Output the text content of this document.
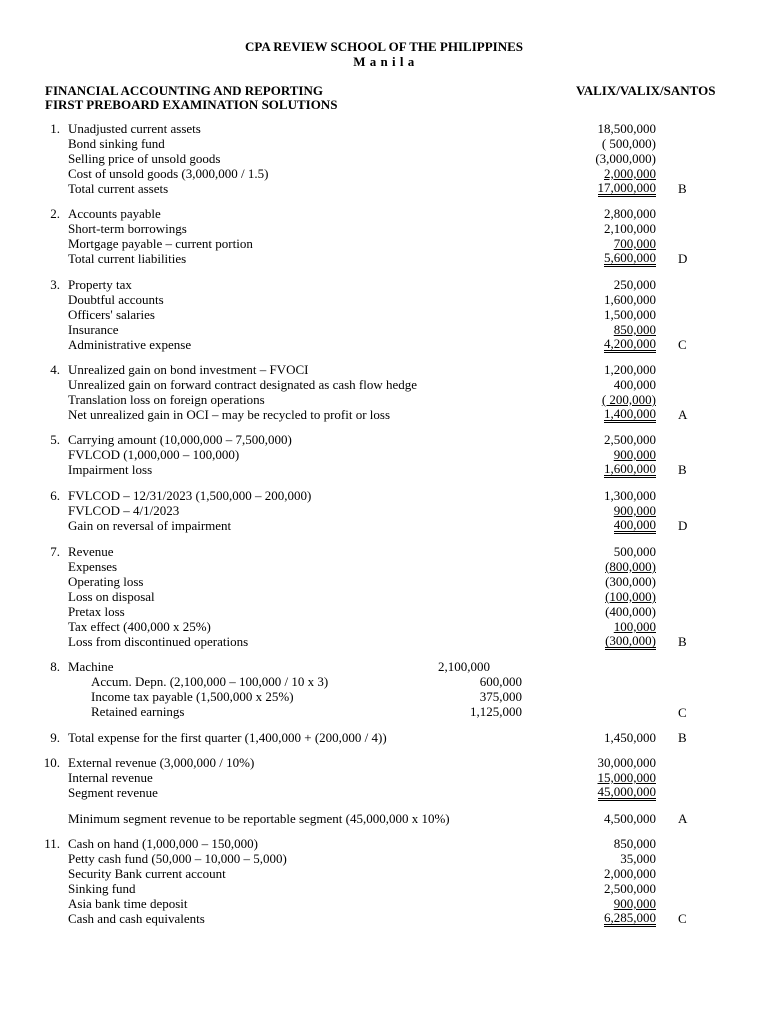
CPA REVIEW SCHOOL OF THE PHILIPPINES
M a n i l a
FINANCIAL ACCOUNTING AND REPORTING
FIRST PREBOARD EXAMINATION SOLUTIONS
VALIX/VALIX/SANTOS
1. Unadjusted current assets	18,500,000
Bond sinking fund	( 500,000)
Selling price of unsold goods	(3,000,000)
Cost of unsold goods (3,000,000 / 1.5)	2,000,000
Total current assets	17,000,000 B
2. Accounts payable	2,800,000
Short-term borrowings	2,100,000
Mortgage payable – current portion	700,000
Total current liabilities	5,600,000 D
3. Property tax	250,000
Doubtful accounts	1,600,000
Officers' salaries	1,500,000
Insurance	850,000
Administrative expense	4,200,000 C
4. Unrealized gain on bond investment – FVOCI	1,200,000
Unrealized gain on forward contract designated as cash flow hedge	400,000
Translation loss on foreign operations	( 200,000)
Net unrealized gain in OCI – may be recycled to profit or loss	1,400,000 A
5. Carrying amount (10,000,000 – 7,500,000)	2,500,000
FVLCOD (1,000,000 – 100,000)	900,000
Impairment loss	1,600,000 B
6. FVLCOD – 12/31/2023 (1,500,000 – 200,000)	1,300,000
FVLCOD – 4/1/2023	900,000
Gain on reversal of impairment	400,000 D
7. Revenue	500,000
Expenses	(800,000)
Operating loss	(300,000)
Loss on disposal	(100,000)
Pretax loss	(400,000)
Tax effect (400,000 x 25%)	100,000
Loss from discontinued operations	(300,000) B
8. Machine	2,100,000
Accum. Depn. (2,100,000 – 100,000 / 10 x 3)	600,000
Income tax payable (1,500,000 x 25%)	375,000
Retained earnings	1,125,000	C
9. Total expense for the first quarter (1,400,000 + (200,000 / 4))	1,450,000 B
10. External revenue (3,000,000 / 10%)	30,000,000
Internal revenue	15,000,000
Segment revenue	45,000,000
Minimum segment revenue to be reportable segment (45,000,000 x 10%)	4,500,000 A
11. Cash on hand (1,000,000 – 150,000)	850,000
Petty cash fund (50,000 – 10,000 – 5,000)	35,000
Security Bank current account	2,000,000
Sinking fund	2,500,000
Asia bank time deposit	900,000
Cash and cash equivalents	6,285,000 C
